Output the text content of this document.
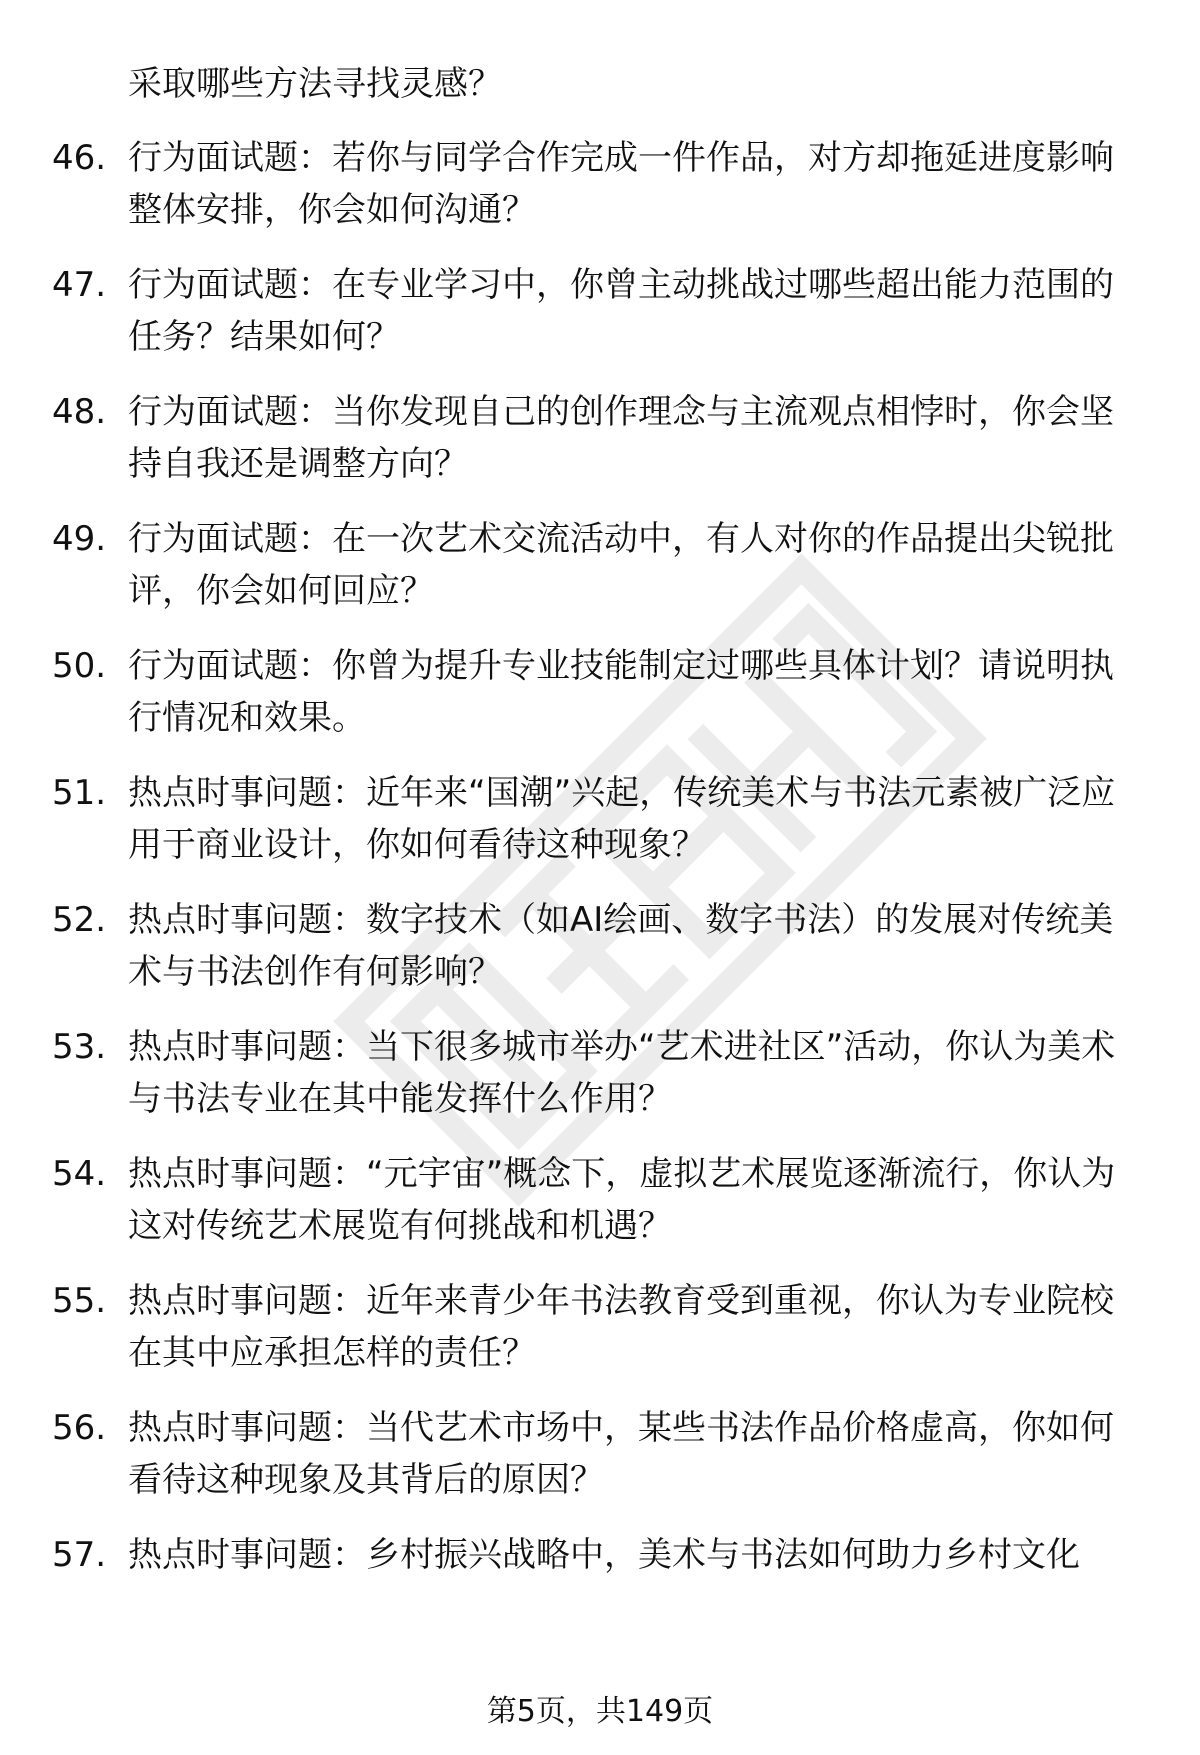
采取哪些方法寻找灵感？
46. 行为面试题：若你与同学合作完成一件作品，对方却拖延进度影响整体安排，你会如何沟通？
47. 行为面试题：在专业学习中，你曾主动挑战过哪些超出能力范围的任务？结果如何？
48. 行为面试题：当你发现自己的创作理念与主流观点相悖时，你会坚持自我还是调整方向？
49. 行为面试题：在一次艺术交流活动中，有人对你的作品提出尖锐批评，你会如何回应？
50. 行为面试题：你曾为提升专业技能制定过哪些具体计划？请说明执行情况和效果。
51. 热点时事问题：近年来“国潮”兴起，传统美术与书法元素被广泛应用于商业设计，你如何看待这种现象？
52. 热点时事问题：数字技术（如AI绘画、数字书法）的发展对传统美术与书法创作有何影响？
53. 热点时事问题：当下很多城市举办“艺术进社区”活动，你认为美术与书法专业在其中能发挥什么作用？
54. 热点时事问题：“元宇宙”概念下，虚拟艺术展览逐渐流行，你认为这对传统艺术展览有何挑战和机遇？
55. 热点时事问题：近年来青少年书法教育受到重视，你认为专业院校在其中应承担怎样的责任？
56. 热点时事问题：当代艺术市场中，某些书法作品价格虚高，你如何看待这种现象及其背后的原因？
57. 热点时事问题：乡村振兴战略中，美术与书法如何助力乡村文化
第5页，共149页
